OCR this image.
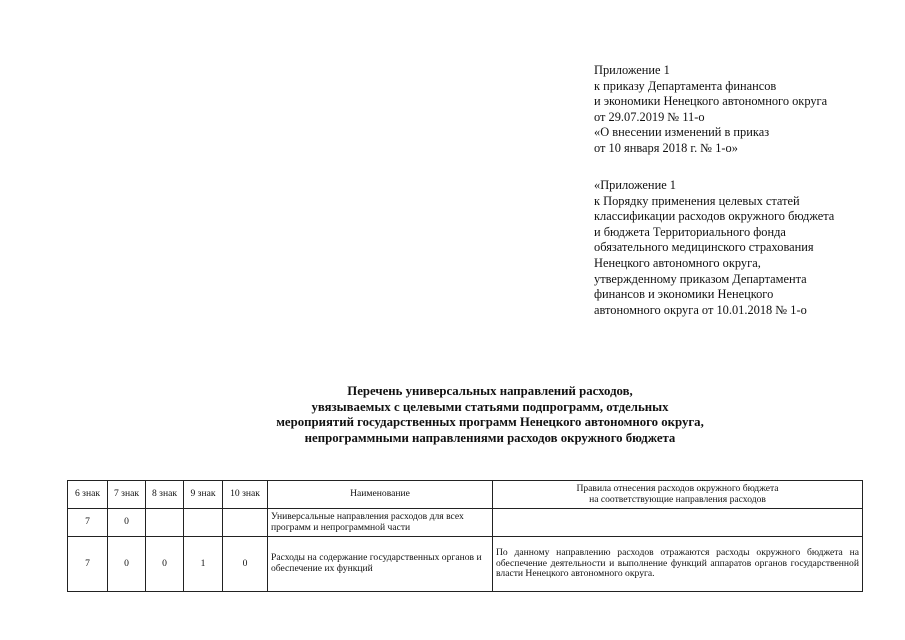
Приложение 1
к приказу Департамента финансов
и экономики Ненецкого автономного округа
от 29.07.2019 № 11-о
«О внесении изменений в приказ
от 10 января 2018 г. № 1-о»
«Приложение 1
к Порядку применения целевых статей
классификации расходов окружного бюджета
и бюджета Территориального фонда
обязательного медицинского страхования
Ненецкого автономного округа,
утвержденному приказом Департамента
финансов и экономики Ненецкого
автономного округа от 10.01.2018 № 1-о
Перечень универсальных направлений расходов,
увязываемых с целевыми статьями подпрограмм, отдельных
мероприятий государственных программ Ненецкого автономного округа,
непрограммными направлениями расходов окружного бюджета
6 знак	7 знак	8 знак	9 знак	10 знак	Наименование	Правила отнесения расходов окружного бюджета
на соответствующие направления расходов

7	0				Универсальные направления расходов для всех программ и непрограммной части	
7	0	0	1	0	Расходы на содержание государственных органов и обеспечение их функций	По данному направлению расходов отражаются расходы окружного бюджета на обеспечение деятельности и выполнение функций аппаратов органов государственной власти Ненецкого автономного округа.
